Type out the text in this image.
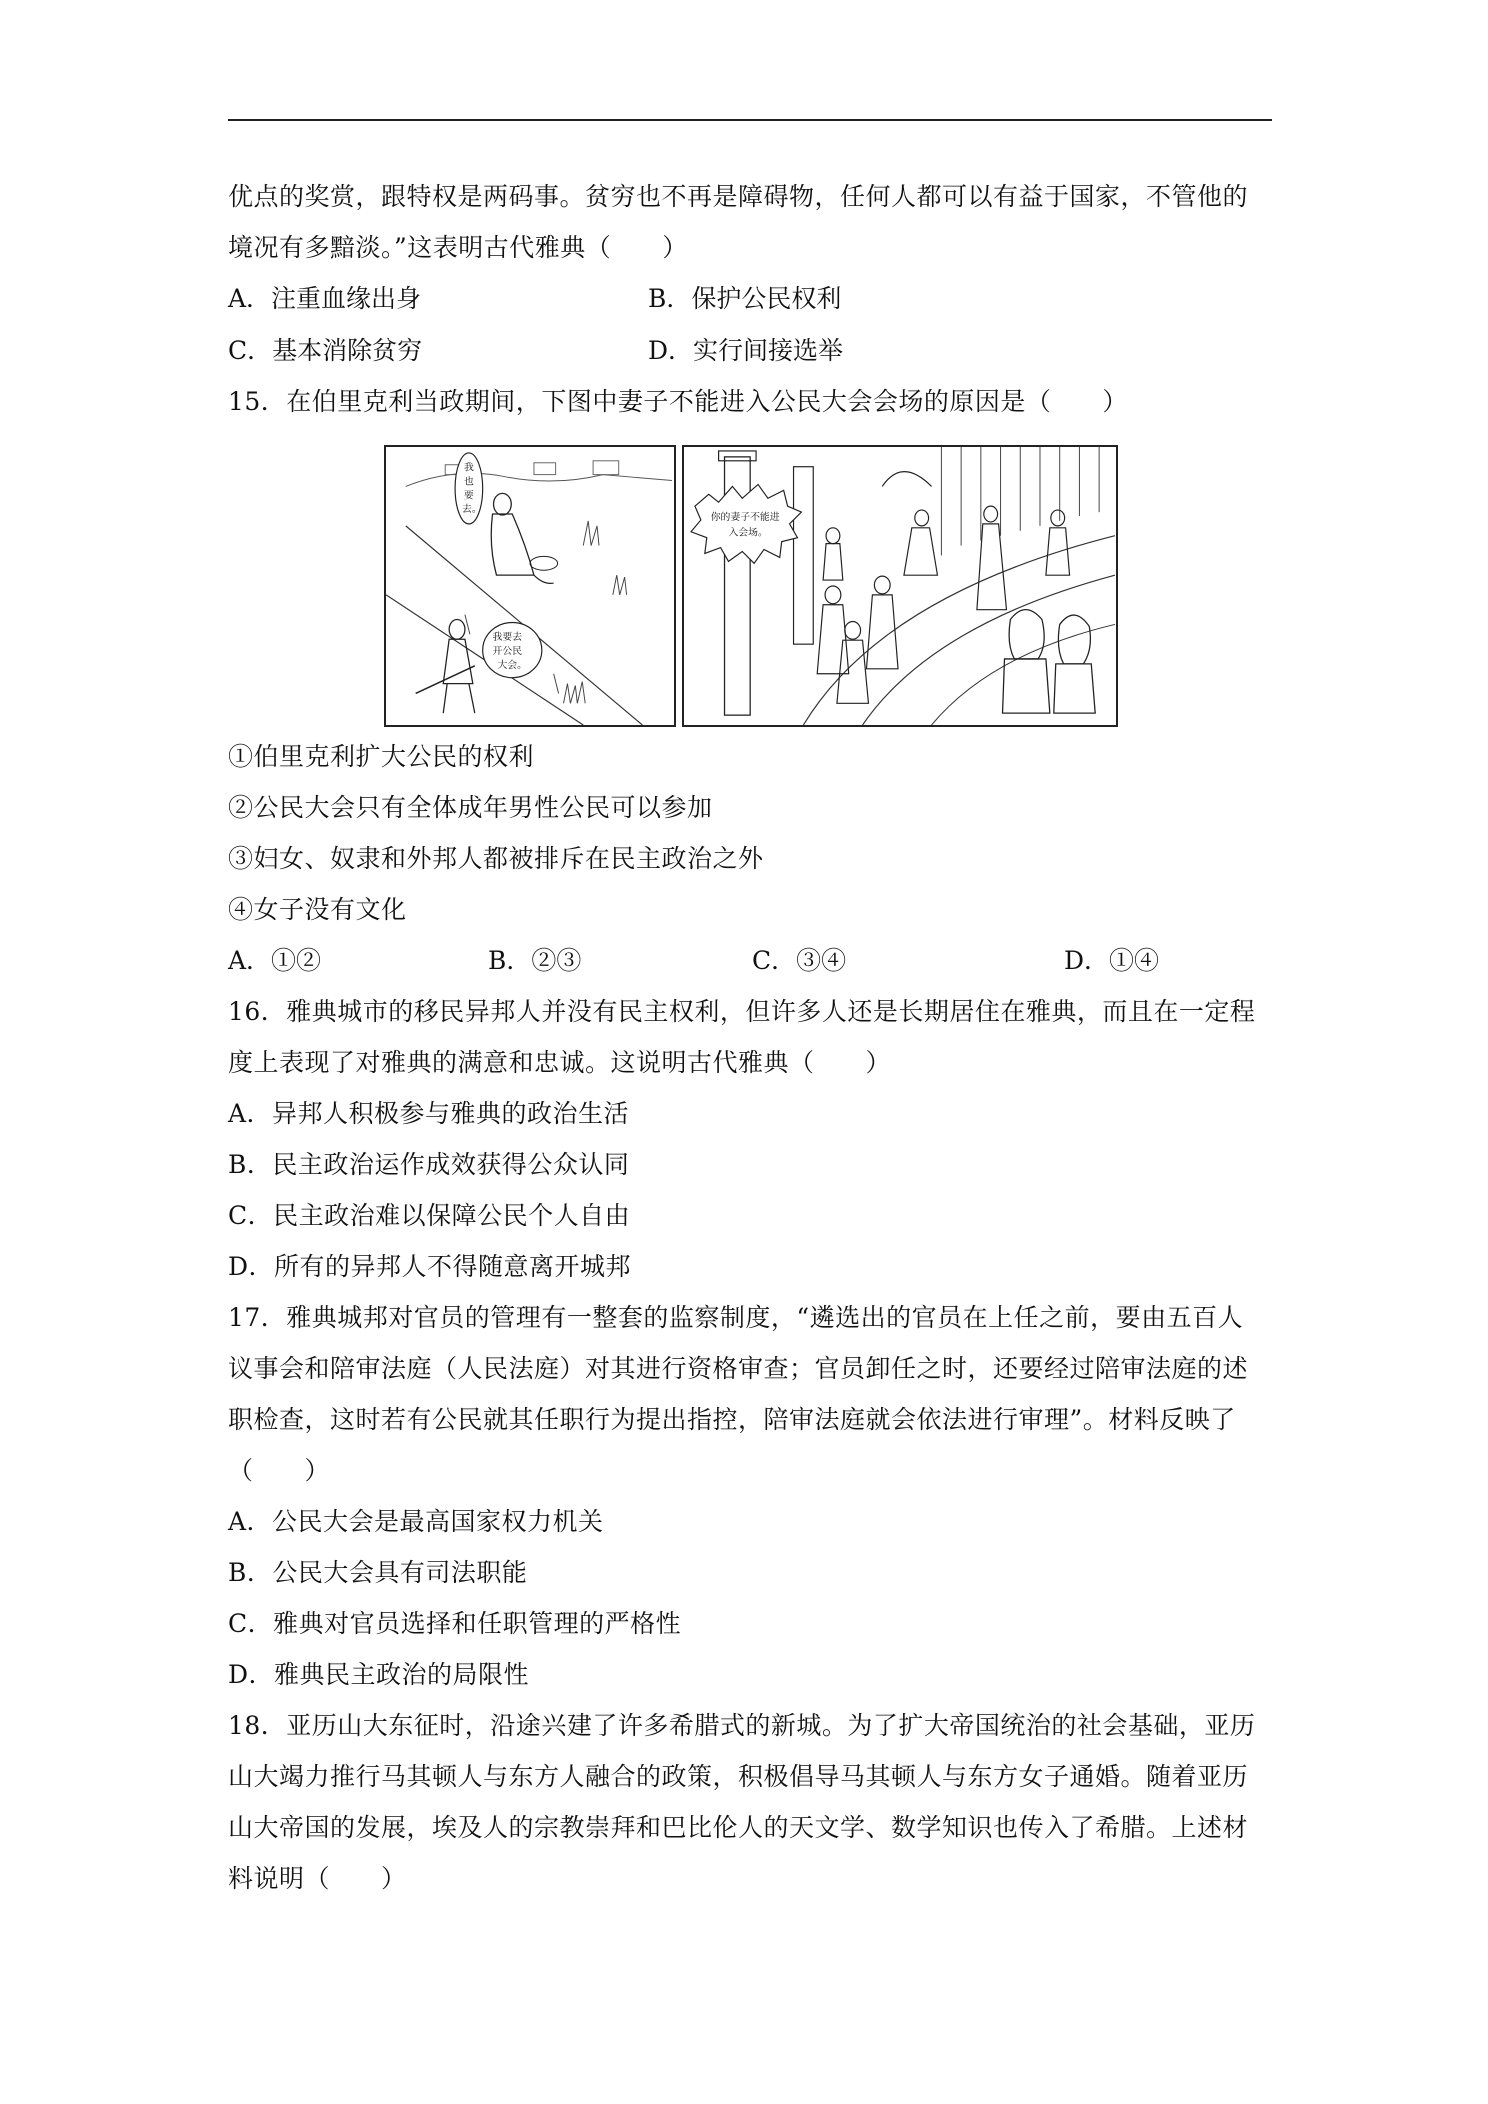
优点的奖赏，跟特权是两码事。贫穷也不再是障碍物，任何人都可以有益于国家，不管他的
境况有多黯淡。”这表明古代雅典（　　）
A．注重血缘出身	B．保护公民权利
C．基本消除贫穷	D．实行间接选举
15．在伯里克利当政期间，下图中妻子不能进入公民大会会场的原因是（　　）
我
也
要
去。
我要去
开公民
大会。
你的妻子不能进
入会场。
①伯里克利扩大公民的权利
②公民大会只有全体成年男性公民可以参加
③妇女、奴隶和外邦人都被排斥在民主政治之外
④女子没有文化
A．①②	B．②③	C．③④	D．①④
16．雅典城市的移民异邦人并没有民主权利，但许多人还是长期居住在雅典，而且在一定程
度上表现了对雅典的满意和忠诚。这说明古代雅典（　　）
A．异邦人积极参与雅典的政治生活
B．民主政治运作成效获得公众认同
C．民主政治难以保障公民个人自由
D．所有的异邦人不得随意离开城邦
17．雅典城邦对官员的管理有一整套的监察制度，“遴选出的官员在上任之前，要由五百人
议事会和陪审法庭（人民法庭）对其进行资格审查；官员卸任之时，还要经过陪审法庭的述
职检查，这时若有公民就其任职行为提出指控，陪审法庭就会依法进行审理”。材料反映了
（　　）
A．公民大会是最高国家权力机关
B．公民大会具有司法职能
C．雅典对官员选择和任职管理的严格性
D．雅典民主政治的局限性
18．亚历山大东征时，沿途兴建了许多希腊式的新城。为了扩大帝国统治的社会基础，亚历
山大竭力推行马其顿人与东方人融合的政策，积极倡导马其顿人与东方女子通婚。随着亚历
山大帝国的发展，埃及人的宗教崇拜和巴比伦人的天文学、数学知识也传入了希腊。上述材
料说明（　　）
